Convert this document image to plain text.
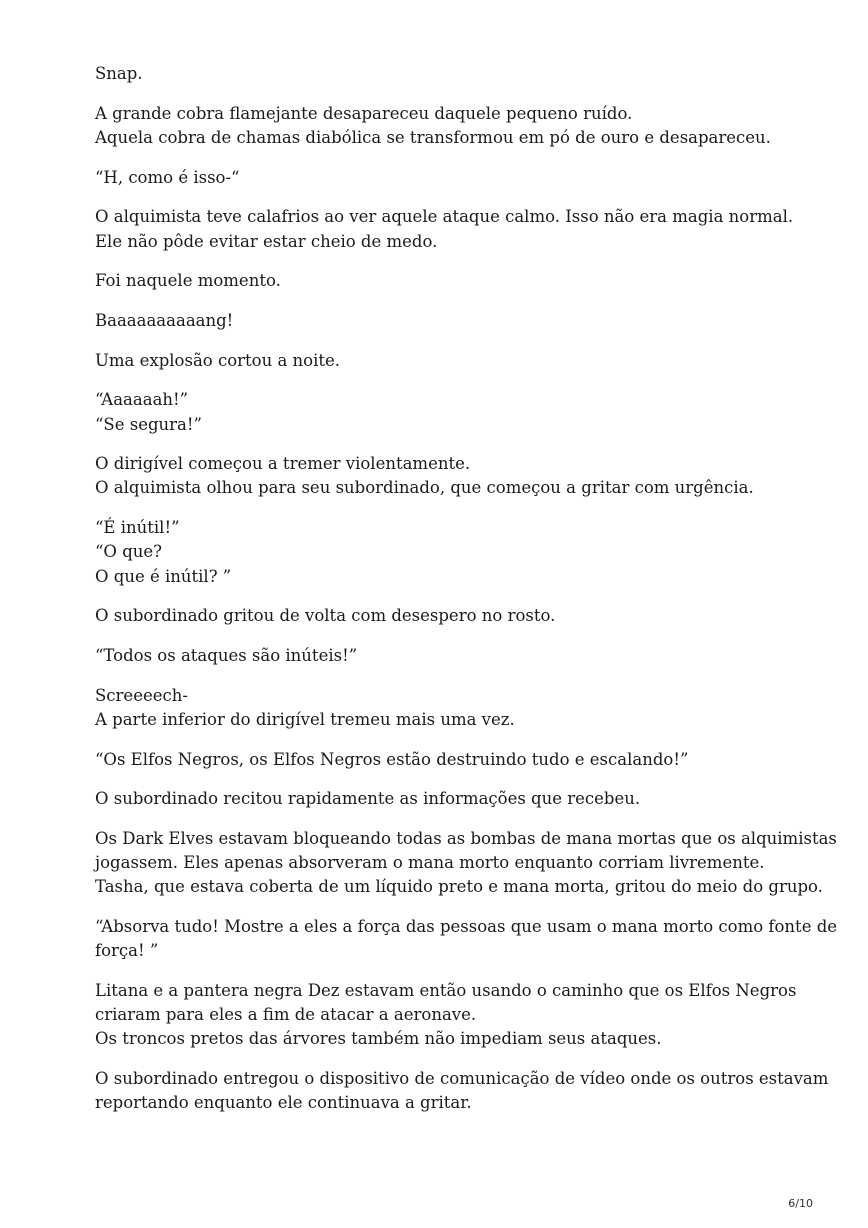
Snap.

A grande cobra flamejante desapareceu daquele pequeno ruído.
Aquela cobra de chamas diabólica se transformou em pó de ouro e desapareceu.

“H, como é isso-“

O alquimista teve calafrios ao ver aquele ataque calmo. Isso não era magia normal.
Ele não pôde evitar estar cheio de medo.

Foi naquele momento.

Baaaaaaaaaang!

Uma explosão cortou a noite.

“Aaaaaah!”
“Se segura!”

O dirigível começou a tremer violentamente.
O alquimista olhou para seu subordinado, que começou a gritar com urgência.

“É inútil!”
“O que?
O que é inútil? ”

O subordinado gritou de volta com desespero no rosto.

“Todos os ataques são inúteis!”

Screeeech-
A parte inferior do dirigível tremeu mais uma vez.

“Os Elfos Negros, os Elfos Negros estão destruindo tudo e escalando!”

O subordinado recitou rapidamente as informações que recebeu.

Os Dark Elves estavam bloqueando todas as bombas de mana mortas que os alquimistas
jogassem. Eles apenas absorveram o mana morto enquanto corriam livremente.
Tasha, que estava coberta de um líquido preto e mana morta, gritou do meio do grupo.

“Absorva tudo! Mostre a eles a força das pessoas que usam o mana morto como fonte de
força! ”

Litana e a pantera negra Dez estavam então usando o caminho que os Elfos Negros
criaram para eles a fim de atacar a aeronave.
Os troncos pretos das árvores também não impediam seus ataques.

O subordinado entregou o dispositivo de comunicação de vídeo onde os outros estavam
reportando enquanto ele continuava a gritar.

6/10
